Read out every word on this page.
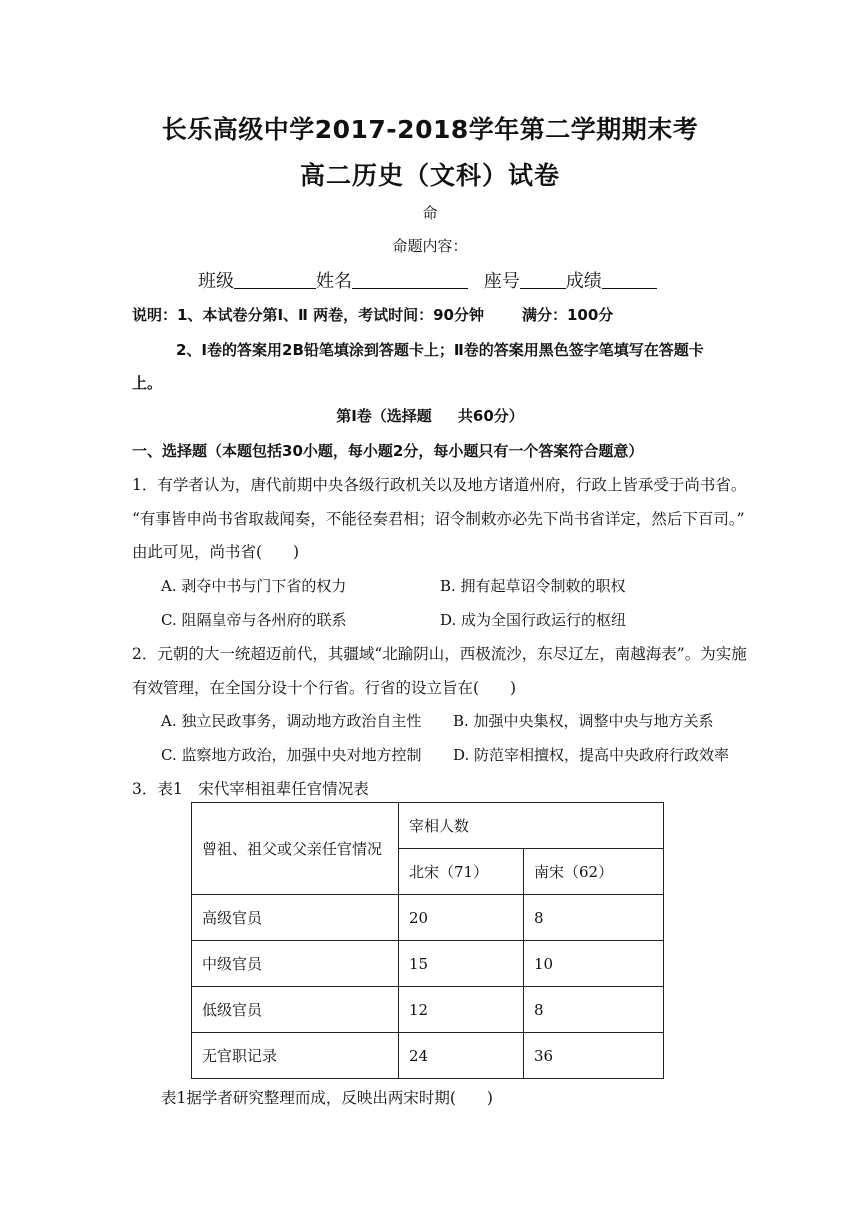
长乐高级中学2017-2018学年第二学期期末考
高二历史（文科）试卷
命
命题内容：
班级	姓名	座号	成绩
说明：1、本试卷分第Ⅰ、Ⅱ 两卷，考试时间：90分钟	满分：100分
2、Ⅰ卷的答案用2B铅笔填涂到答题卡上；Ⅱ卷的答案用黑色签字笔填写在答题卡
上。
第Ⅰ卷（选择题     共60分）
一、选择题（本题包括30小题，每小题2分，每小题只有一个答案符合题意）
1．有学者认为，唐代前期中央各级行政机关以及地方诸道州府，行政上皆承受于尚书省。
“有事皆申尚书省取裁闻奏，不能径奏君相；诏令制敕亦必先下尚书省详定，然后下百司。”
由此可见，尚书省(　　)
A. 剥夺中书与门下省的权力	B. 拥有起草诏令制敕的职权
C. 阻隔皇帝与各州府的联系	D. 成为全国行政运行的枢纽
2．元朝的大一统超迈前代，其疆域“北踰阴山，西极流沙，东尽辽左，南越海表”。为实施
有效管理，在全国分设十个行省。行省的设立旨在(　　)
A. 独立民政事务，调动地方政治自主性 B. 加强中央集权，调整中央与地方关系
C. 监察地方政治，加强中央对地方控制 D. 防范宰相擅权，提高中央政府行政效率
3．表1　宋代宰相祖辈任官情况表
曾祖、祖父或父亲任官情况	宰相人数	
	北宋（71）	南宋（62）
高级官员	20	8
中级官员	15	10
低级官员	12	8
无官职记录	24	36
表1据学者研究整理而成，反映出两宋时期(　　)
